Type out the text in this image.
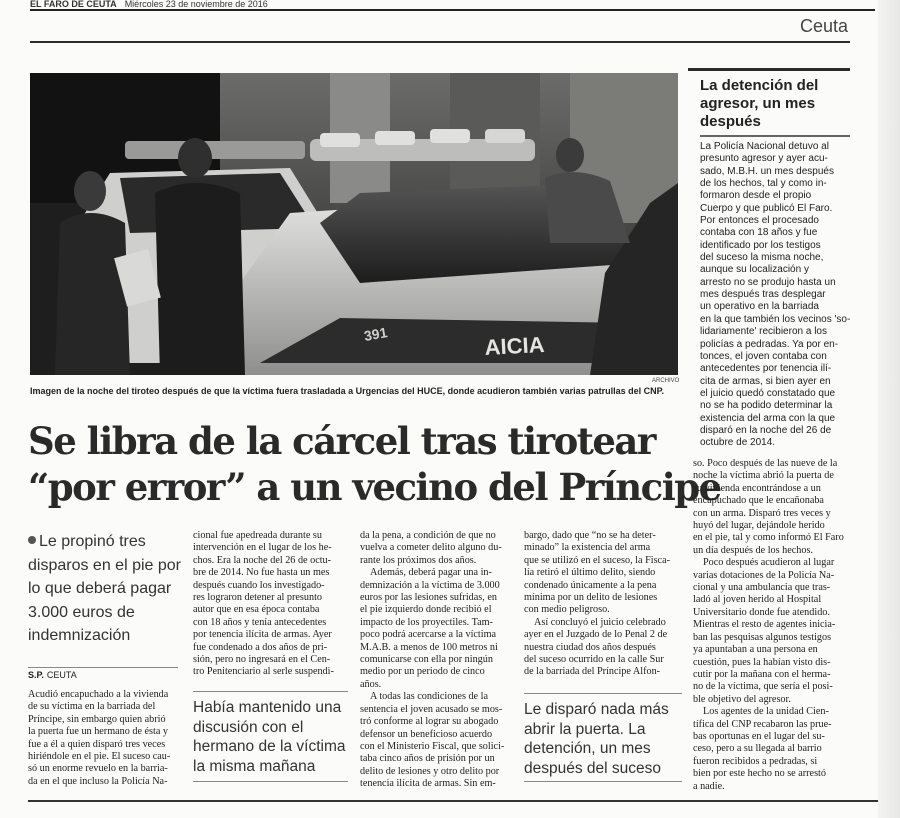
EL FARO DE CEUTA Miércoles 23 de noviembre de 2016
Ceuta
AICIA
391
ARCHIVO
Imagen de la noche del tiroteo después de que la víctima fuera trasladada a Urgencias del HUCE, donde acudieron también varias patrullas del CNP.
La detención del agresor, un mes después
La Policía Nacional detuvo al
presunto agresor y ayer acu-
sado, M.B.H. un mes después
de los hechos, tal y como in-
formaron desde el propio
Cuerpo y que publicó El Faro.
Por entonces el procesado
contaba con 18 años y fue
identificado por los testigos
del suceso la misma noche,
aunque su localización y
arresto no se produjo hasta un
mes después tras desplegar
un operativo en la barriada
en la que también los vecinos 'so-
lidariamente' recibieron a los
policías a pedradas. Ya por en-
tonces, el joven contaba con
antecedentes por tenencia ilí-
cita de armas, si bien ayer en
el juicio quedó constatado que
no se ha podido determinar la
existencia del arma con la que
disparó en la noche del 26 de
octubre de 2014.
Se libra de la cárcel tras tirotear
“por error” a un vecino del Príncipe
Le propinó tres
disparos en el pie por
lo que deberá pagar
3.000 euros de
indemnización
S.P. CEUTA
Acudió encapuchado a la vivienda
de su víctima en la barriada del
Príncipe, sin embargo quien abrió
la puerta fue un hermano de ésta y
fue a él a quien disparó tres veces
hiriéndole en el pie. El suceso cau-
só un enorme revuelo en la barria-
da en el que incluso la Policía Na-
cional fue apedreada durante su
intervención en el lugar de los he-
chos. Era la noche del 26 de octu-
bre de 2014. No fue hasta un mes
después cuando los investigado-
res lograron detener al presunto
autor que en esa época contaba
con 18 años y tenía antecedentes
por tenencia ilícita de armas. Ayer
fue condenado a dos años de pri-
sión, pero no ingresará en el Cen-
tro Penitenciario al serle suspendi-
Había mantenido una
discusión con el
hermano de la víctima
la misma mañana
da la pena, a condición de que no
vuelva a cometer delito alguno du-
rante los próximos dos años.
Además, deberá pagar una in-
demnización a la víctima de 3.000
euros por las lesiones sufridas, en
el pie izquierdo donde recibió el
impacto de los proyectiles. Tam-
poco podrá acercarse a la víctima
M.A.B. a menos de 100 metros ni
comunicarse con ella por ningún
medio por un periodo de cinco
años.
A todas las condiciones de la
sentencia el joven acusado se mos-
tró conforme al lograr su abogado
defensor un beneficioso acuerdo
con el Ministerio Fiscal, que solici-
taba cinco años de prisión por un
delito de lesiones y otro delito por
tenencia ilícita de armas. Sin em-
bargo, dado que “no se ha deter-
minado” la existencia del arma
que se utilizó en el suceso, la Fisca-
lía retiró el último delito, siendo
condenado únicamente a la pena
mínima por un delito de lesiones
con medio peligroso.
Así concluyó el juicio celebrado
ayer en el Juzgado de lo Penal 2 de
nuestra ciudad dos años después
del suceso ocurrido en la calle Sur
de la barriada del Príncipe Alfon-
Le disparó nada más
abrir la puerta. La
detención, un mes
después del suceso
so. Poco después de las nueve de la
noche la víctima abrió la puerta de
su vivienda encontrándose a un
encapuchado que le encañonaba
con un arma. Disparó tres veces y
huyó del lugar, dejándole herido
en el pie, tal y como informó El Faro
un día después de los hechos.
Poco después acudieron al lugar
varias dotaciones de la Policía Na-
cional y una ambulancia que tras-
ladó al joven herido al Hospital
Universitario donde fue atendido.
Mientras el resto de agentes inicia-
ban las pesquisas algunos testigos
ya apuntaban a una persona en
cuestión, pues la habían visto dis-
cutir por la mañana con el herma-
no de la víctima, que sería el posi-
ble objetivo del agresor.
Los agentes de la unidad Cien-
tífica del CNP recabaron las prue-
bas oportunas en el lugar del su-
ceso, pero a su llegada al barrio
fueron recibidos a pedradas, si
bien por este hecho no se arrestó
a nadie.
